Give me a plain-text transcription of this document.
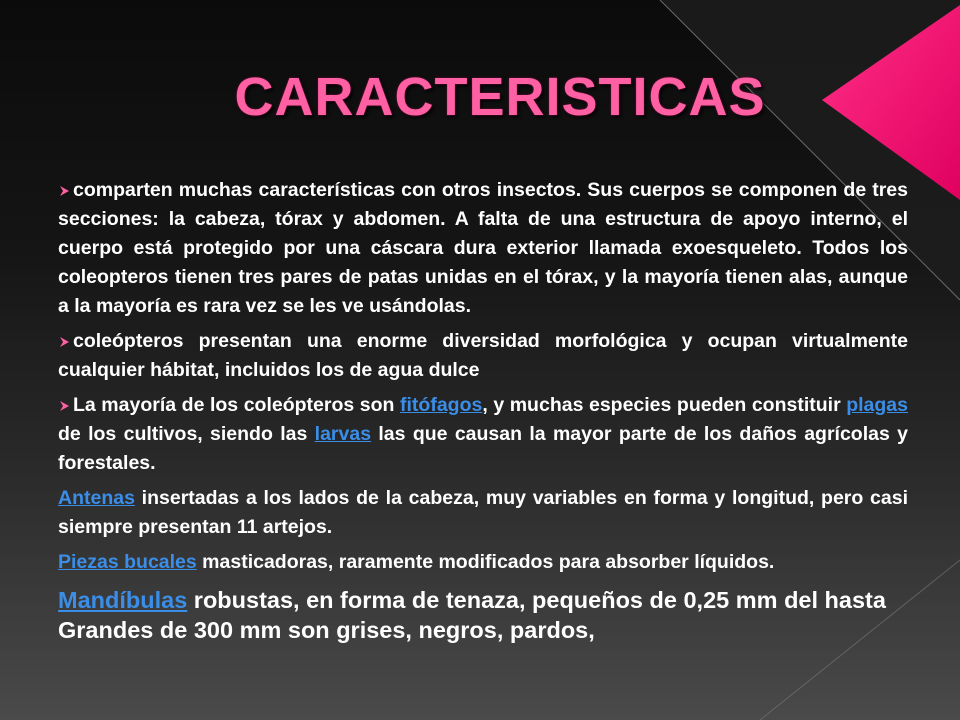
CARACTERISTICAS

comparten muchas características con otros insectos. Sus cuerpos se componen de tres secciones: la cabeza, tórax y abdomen. A falta de una estructura de apoyo interno, el cuerpo está protegido por una cáscara dura exterior llamada exoesqueleto. Todos los coleopteros tienen tres pares de patas unidas en el tórax, y la mayoría tienen alas, aunque a la mayoría es rara vez se les ve usándolas.

coleópteros presentan una enorme diversidad morfológica y ocupan virtualmente cualquier hábitat, incluidos los de agua dulce

La mayoría de los coleópteros son fitófagos, y muchas especies pueden constituir plagas de los cultivos, siendo las larvas las que causan la mayor parte de los daños agrícolas y forestales.

Antenas insertadas a los lados de la cabeza, muy variables en forma y longitud, pero casi siempre presentan 11 artejos.

Piezas bucales masticadoras, raramente modificados para absorber líquidos.

Mandíbulas robustas, en forma de tenaza, pequeños de 0,25 mm del hasta Grandes de 300 mm son grises, negros, pardos,
